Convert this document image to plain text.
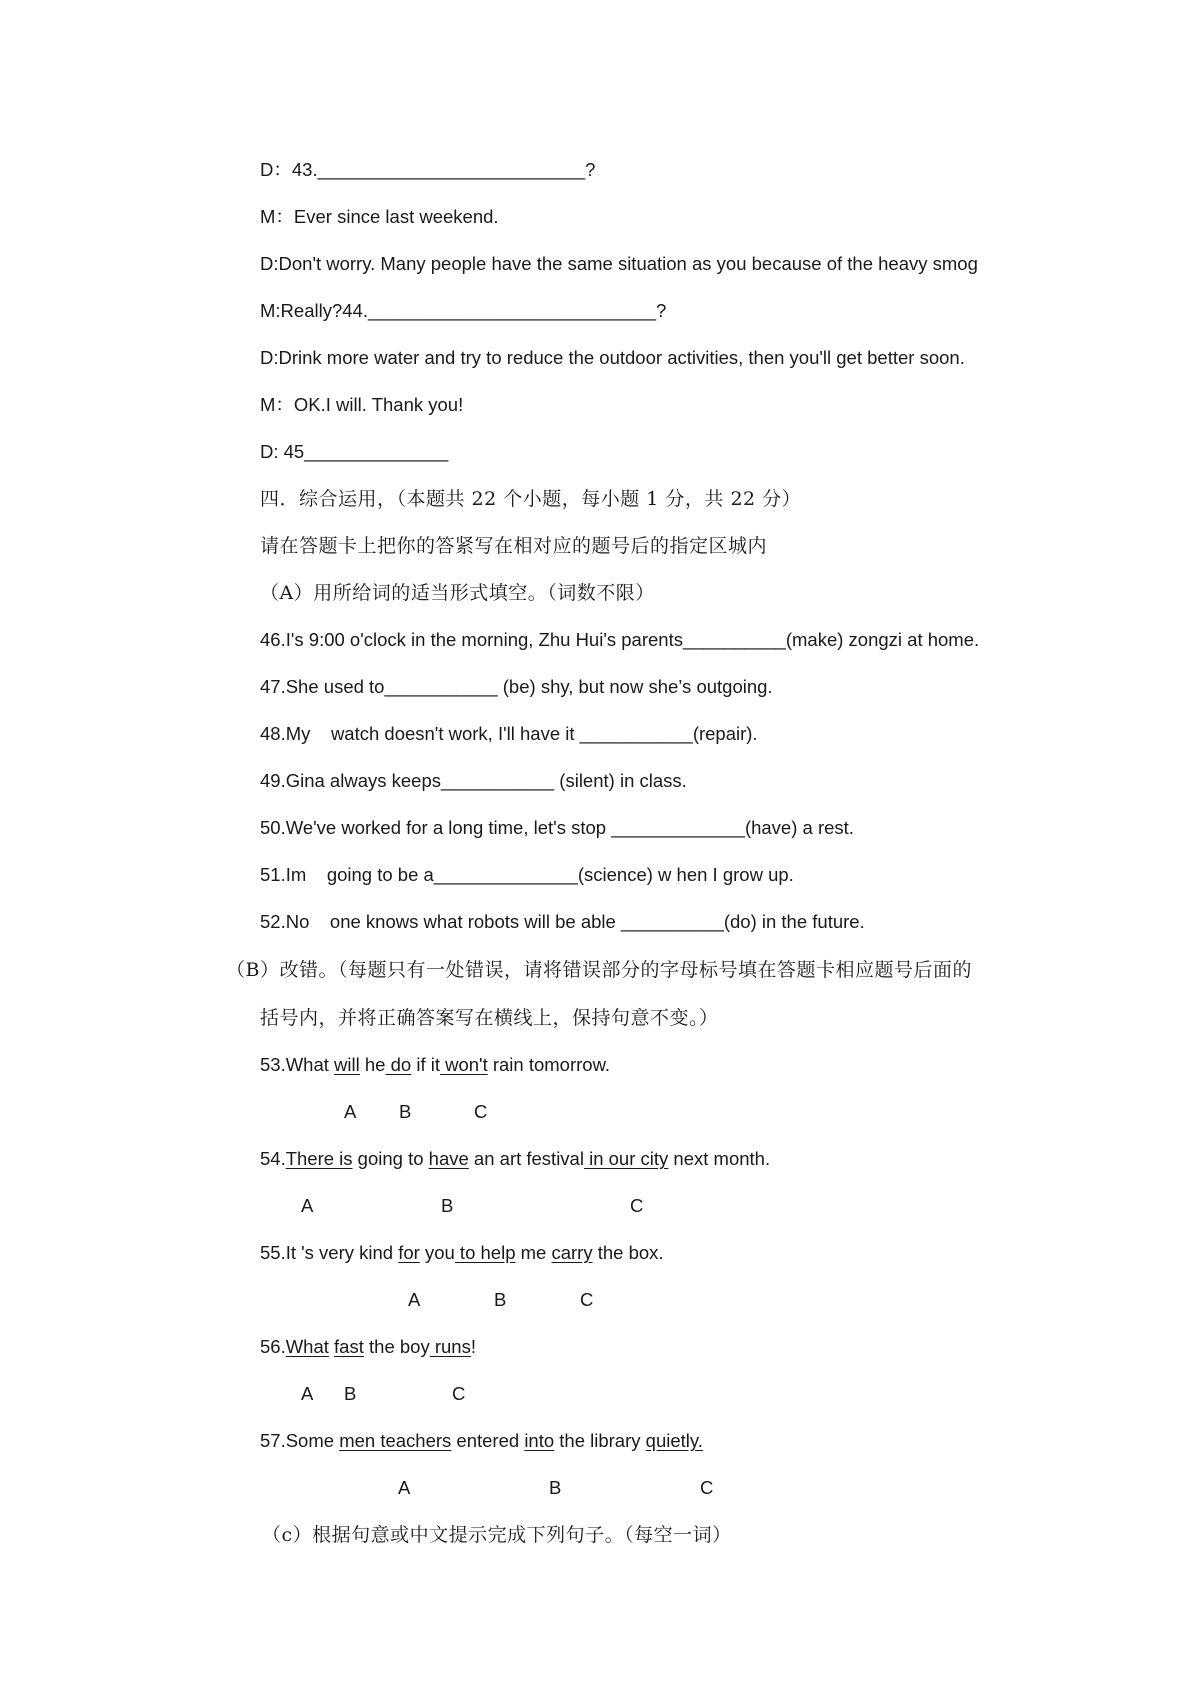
D：43.__________________________?
M：Ever since last weekend.
D:Don't worry. Many people have the same situation as you because of the heavy smog
M:Really?44.____________________________?
D:Drink more water and try to reduce the outdoor activities, then you'll get better soon.
M：OK.I will. Thank you!
D: 45______________
四．综合运用，（本题共 22 个小题，每小题 1 分，共 22 分）
请在答题卡上把你的答紧写在相对应的题号后的指定区城内
（A）用所给词的适当形式填空。（词数不限）
46.I's 9:00 o'clock in the morning, Zhu Hui's parents__________(make) zongzi at home.
47.She used to___________ (be) shy, but now she’s outgoing.
48.My    watch doesn't work, I'll have it ___________(repair).
49.Gina always keeps___________ (silent) in class.
50.We've worked for a long time, let's stop _____________(have) a rest.
51.Im    going to be a______________(science) w hen I grow up.
52.No    one knows what robots will be able __________(do) in the future.
（B）改错。（每题只有一处错误，请将错误部分的字母标号填在答题卡相应题号后面的
括号内，并将正确答案写在横线上，保持句意不变。）
53.What will he do if it won't rain tomorrow.
A B	C
54.There is going to have an art festival in our city next month.
A	B	C
55.It 's very kind for you to help me carry the box.
A	B	C
56.What fast the boy runs!
A B	C
57.Some men teachers entered into the library quietly.
A	B	C
（c）根据句意或中文提示完成下列句子。（每空一词）
